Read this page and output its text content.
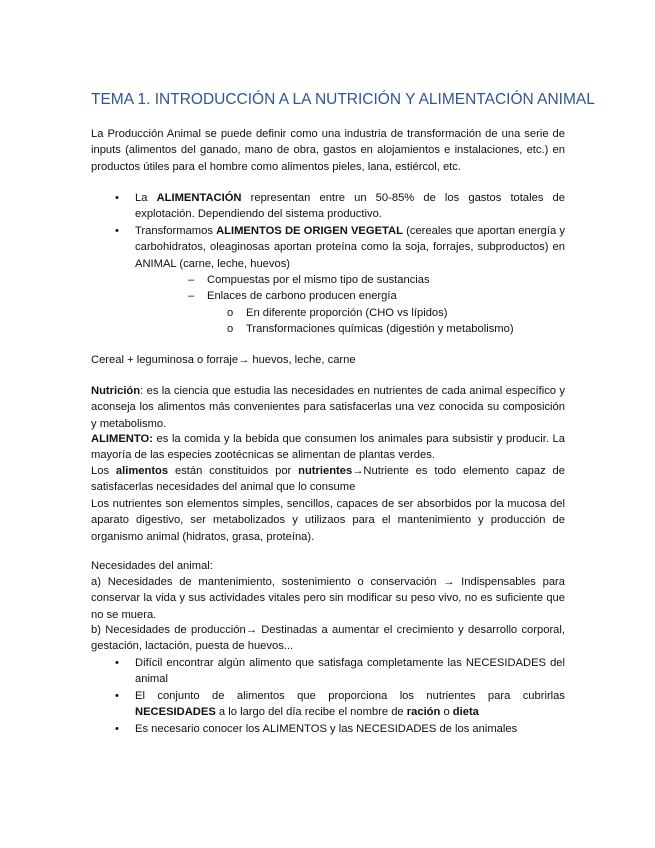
TEMA 1. INTRODUCCIÓN A LA NUTRICIÓN Y ALIMENTACIÓN ANIMAL
La Producción Animal se puede definir como una industria de transformación de una serie de inputs (alimentos del ganado, mano de obra, gastos en alojamientos e instalaciones, etc.) en productos útiles para el hombre como alimentos pieles, lana, estiércol, etc.
•	La ALIMENTACIÓN representan entre un 50-85% de los gastos totales de explotación. Dependiendo del sistema productivo.
•	Transformamos ALIMENTOS DE ORIGEN VEGETAL (cereales que aportan energía y carbohidratos, oleaginosas aportan proteína como la soja, forrajes, subproductos) en ANIMAL (carne, leche, huevos)
–	Compuestas por el mismo tipo de sustancias
–	Enlaces de carbono producen energía
o	En diferente proporción (CHO vs lípidos)
o	Transformaciones químicas (digestión y metabolismo)
Cereal + leguminosa o forraje→ huevos, leche, carne
Nutrición: es la ciencia que estudia las necesidades en nutrientes de cada animal específico y aconseja los alimentos más convenientes para satisfacerlas una vez conocida su composición y metabolismo.
ALIMENTO: es la comida y la bebida que consumen los animales para subsistir y producir. La mayoría de las especies zootécnicas se alimentan de plantas verdes.
Los alimentos están constituidos por nutrientes→Nutriente es todo elemento capaz de satisfacerlas necesidades del animal que lo consume
Los nutrientes son elementos simples, sencillos, capaces de ser absorbidos por la mucosa del aparato digestivo, ser metabolizados y utilizaos para el mantenimiento y producción de organismo animal (hidratos, grasa, proteína).
Necesidades del animal:
a) Necesidades de mantenimiento, sostenimiento o conservación → Indispensables para conservar la vida y sus actividades vitales pero sin modificar su peso vivo, no es suficiente que no se muera.
b) Necesidades de producción→ Destinadas a aumentar el crecimiento y desarrollo corporal, gestación, lactación, puesta de huevos...
•	Difícil encontrar algún alimento que satisfaga completamente las NECESIDADES del animal
•	El conjunto de alimentos que proporciona los nutrientes para cubrirlas NECESIDADES a lo largo del día recibe el nombre de ración o dieta
•	Es necesario conocer los ALIMENTOS y las NECESIDADES de los animales
